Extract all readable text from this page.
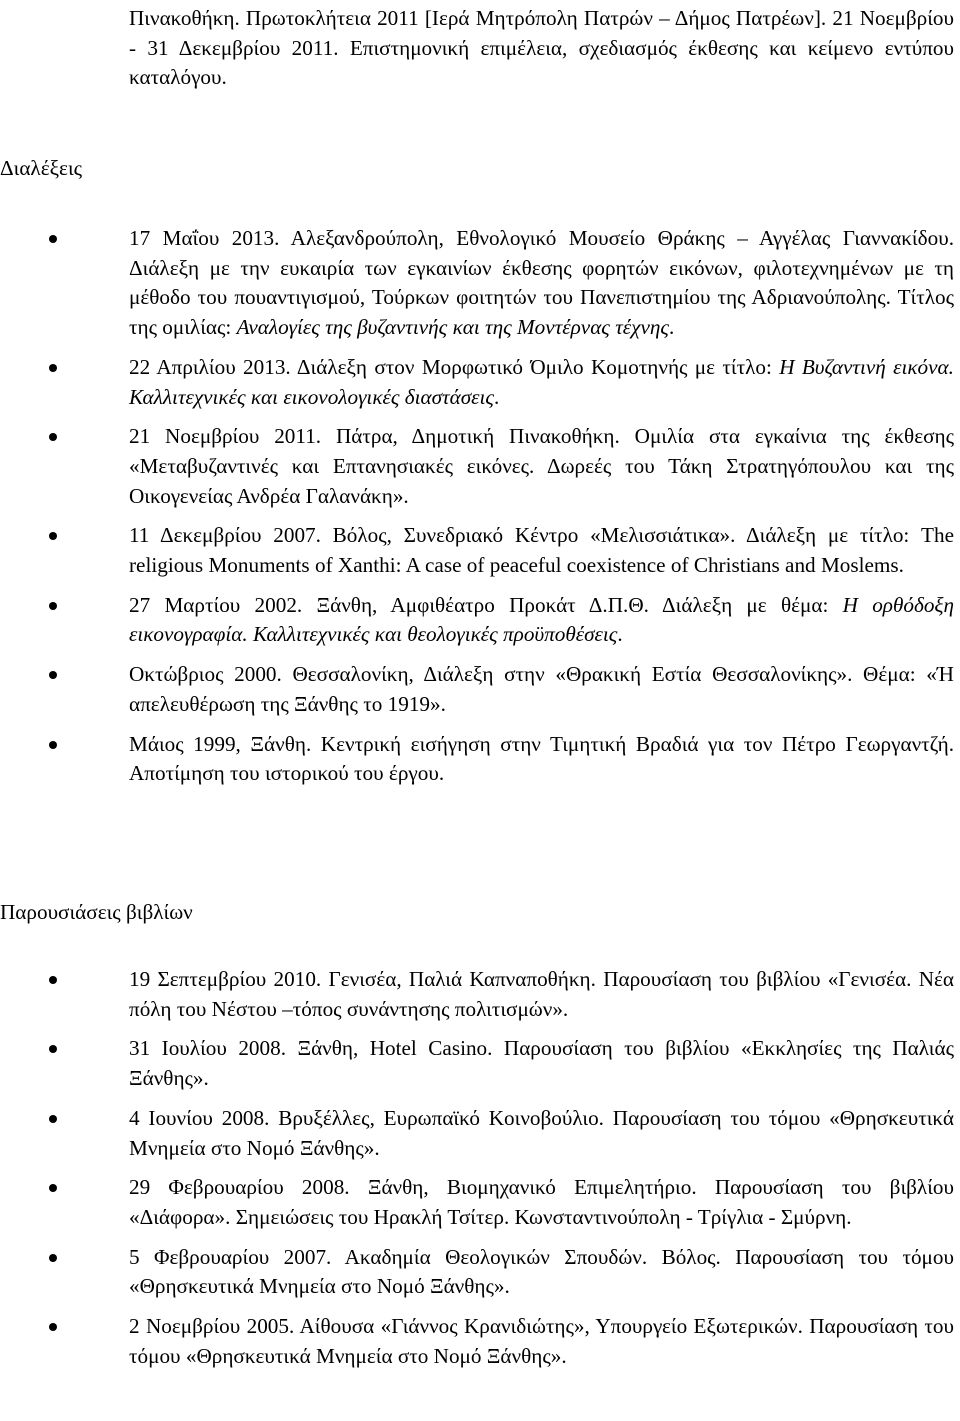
Πινακοθήκη. Πρωτοκλήτεια 2011 [Ιερά Μητρόπολη Πατρών – Δήμος Πατρέων]. 21 Νοεμβρίου - 31 Δεκεμβρίου 2011. Επιστημονική επιμέλεια, σχεδιασμός έκθεσης και κείμενο εντύπου καταλόγου.
Διαλέξεις
17 Μαΐου 2013. Αλεξανδρούπολη, Εθνολογικό Μουσείο Θράκης – Αγγέλας Γιαννακίδου. Διάλεξη με την ευκαιρία των εγκαινίων έκθεσης φορητών εικόνων, φιλοτεχνημένων με τη μέθοδο του πουαντιγισμού, Τούρκων φοιτητών του Πανεπιστημίου της Αδριανούπολης. Τίτλος της ομιλίας: Αναλογίες της βυζαντινής και της Μοντέρνας τέχνης.
22 Απριλίου 2013. Διάλεξη στον Μορφωτικό Όμιλο Κομοτηνής με τίτλο: Η Βυζαντινή εικόνα. Καλλιτεχνικές και εικονολογικές διαστάσεις.
21 Νοεμβρίου 2011. Πάτρα, Δημοτική Πινακοθήκη. Ομιλία στα εγκαίνια της έκθεσης «Μεταβυζαντινές και Επτανησιακές εικόνες. Δωρεές του Τάκη Στρατηγόπουλου και της Οικογενείας Ανδρέα Γαλανάκη».
11 Δεκεμβρίου 2007. Βόλος, Συνεδριακό Κέντρο «Μελισσιάτικα». Διάλεξη με τίτλο: The religious Monuments of Xanthi: A case of peaceful coexistence of Christians and Moslems.
27 Μαρτίου 2002. Ξάνθη, Αμφιθέατρο Προκάτ Δ.Π.Θ. Διάλεξη με θέμα: Η ορθόδοξη εικονογραφία. Καλλιτεχνικές και θεολογικές προϋποθέσεις.
Οκτώβριος 2000. Θεσσαλονίκη, Διάλεξη στην «Θρακική Εστία Θεσσαλονίκης». Θέμα: «Ή απελευθέρωση της Ξάνθης το 1919».
Μάιος 1999, Ξάνθη. Κεντρική εισήγηση στην Τιμητική Βραδιά για τον Πέτρο Γεωργαντζή. Αποτίμηση του ιστορικού του έργου.
Παρουσιάσεις βιβλίων
19 Σεπτεμβρίου 2010. Γενισέα, Παλιά Καπναποθήκη. Παρουσίαση του βιβλίου «Γενισέα. Νέα πόλη του Νέστου –τόπος συνάντησης πολιτισμών».
31 Ιουλίου 2008. Ξάνθη, Hotel Casino. Παρουσίαση του βιβλίου «Εκκλησίες της Παλιάς Ξάνθης».
4 Ιουνίου 2008. Βρυξέλλες, Ευρωπαϊκό Κοινοβούλιο. Παρουσίαση του τόμου «Θρησκευτικά Μνημεία στο Νομό Ξάνθης».
29 Φεβρουαρίου 2008. Ξάνθη, Βιομηχανικό Επιμελητήριο. Παρουσίαση του βιβλίου «Διάφορα». Σημειώσεις του Ηρακλή Τσίτερ. Κωνσταντινούπολη - Τρίγλια - Σμύρνη.
5 Φεβρουαρίου 2007. Ακαδημία Θεολογικών Σπουδών. Βόλος. Παρουσίαση του τόμου «Θρησκευτικά Μνημεία στο Νομό Ξάνθης».
2 Νοεμβρίου 2005. Αίθουσα «Γιάννος Κρανιδιώτης», Υπουργείο Εξωτερικών. Παρουσίαση του τόμου «Θρησκευτικά Μνημεία στο Νομό Ξάνθης».
